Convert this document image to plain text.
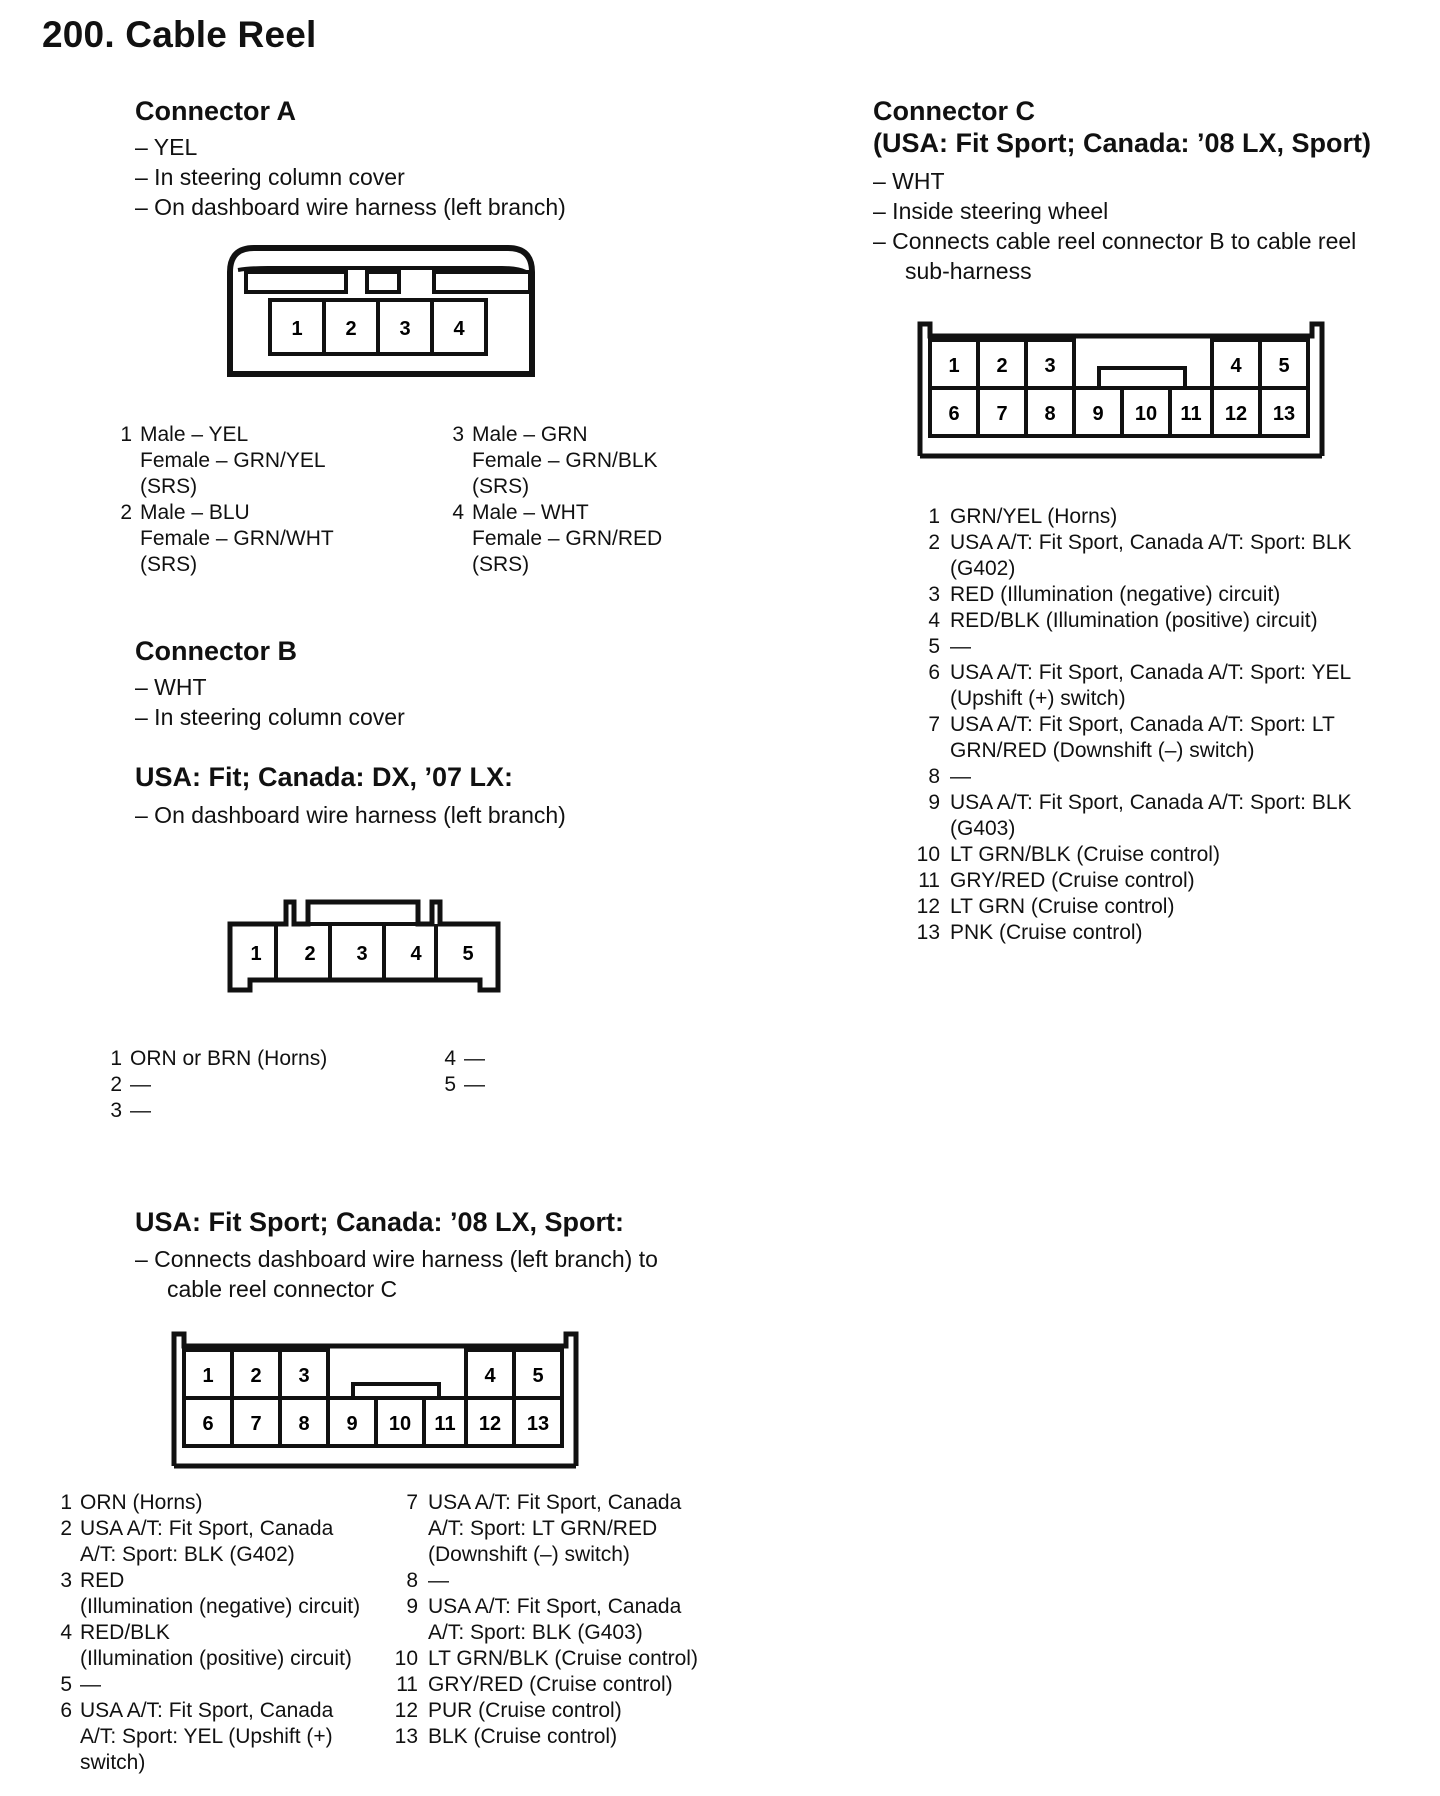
200. Cable Reel
Connector A
– YEL
– In steering column cover
– On dashboard wire harness (left branch)
1 2 3 4
1 Male – YEL
Female – GRN/YEL
(SRS)
2 Male – BLU
Female – GRN/WHT
(SRS)
3 Male – GRN
Female – GRN/BLK
(SRS)
4 Male – WHT
Female – GRN/RED
(SRS)
Connector B
– WHT
– In steering column cover
USA: Fit; Canada: DX, ’07 LX:
– On dashboard wire harness (left branch)
1 2 3 4 5
1 ORN or BRN (Horns)
2 —
3 —
4 —
5 —
USA: Fit Sport; Canada: ’08 LX, Sport:
– Connects dashboard wire harness (left branch) to
cable reel connector C
1 2 3	4 5
6 7 8 9 10 11 12 13
1 ORN (Horns)
2 USA A/T: Fit Sport, Canada
A/T: Sport: BLK (G402)
3 RED
(Illumination (negative) circuit)
4 RED/BLK
(Illumination (positive) circuit)
5 —
6 USA A/T: Fit Sport, Canada
A/T: Sport: YEL (Upshift (+)
switch)
7 USA A/T: Fit Sport, Canada
A/T: Sport: LT GRN/RED
(Downshift (–) switch)
8 —
9 USA A/T: Fit Sport, Canada
A/T: Sport: BLK (G403)
10 LT GRN/BLK (Cruise control)
11 GRY/RED (Cruise control)
12 PUR (Cruise control)
13 BLK (Cruise control)
Connector C
(USA: Fit Sport; Canada: ’08 LX, Sport)
– WHT
– Inside steering wheel
– Connects cable reel connector B to cable reel
sub-harness
1 2 3	4 5
6 7 8 9 10 11 12 13
1 GRN/YEL (Horns)
2 USA A/T: Fit Sport, Canada A/T: Sport: BLK
(G402)
3 RED (Illumination (negative) circuit)
4 RED/BLK (Illumination (positive) circuit)
5 —
6 USA A/T: Fit Sport, Canada A/T: Sport: YEL
(Upshift (+) switch)
7 USA A/T: Fit Sport, Canada A/T: Sport: LT
GRN/RED (Downshift (–) switch)
8 —
9 USA A/T: Fit Sport, Canada A/T: Sport: BLK
(G403)
10 LT GRN/BLK (Cruise control)
11 GRY/RED (Cruise control)
12 LT GRN (Cruise control)
13 PNK (Cruise control)
